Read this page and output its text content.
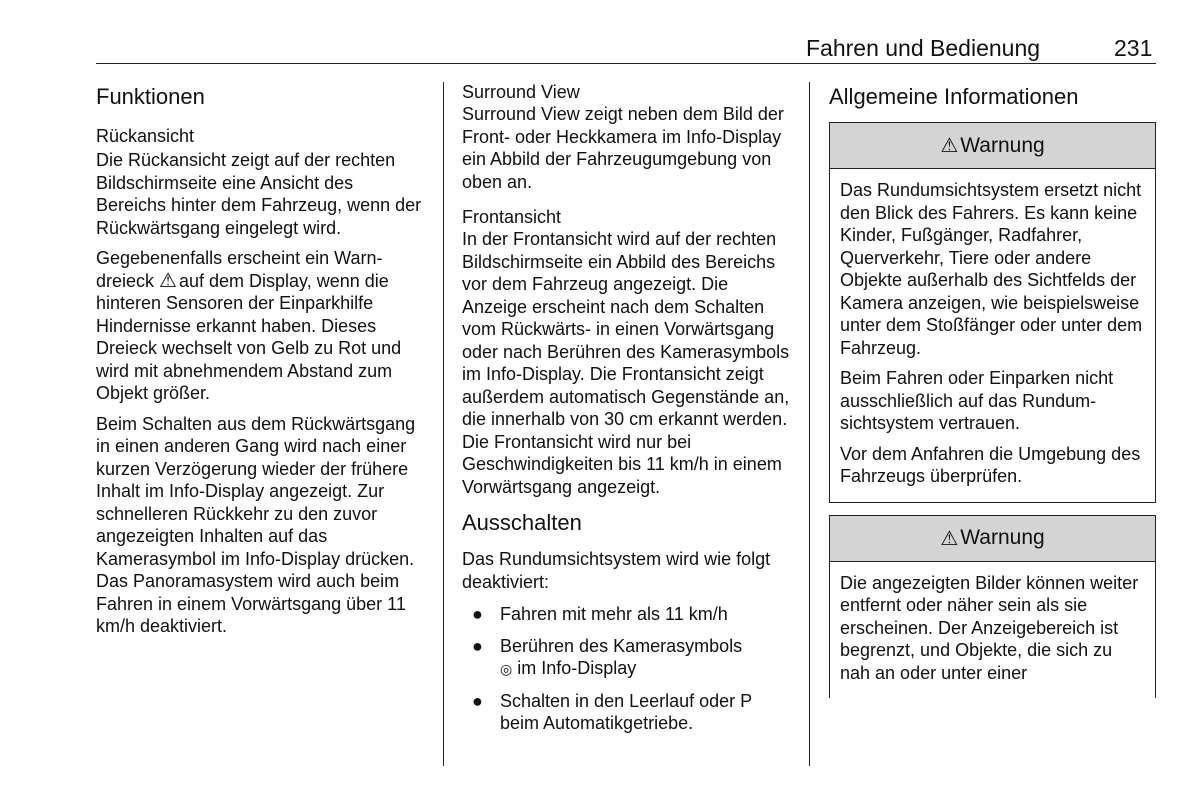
Fahren und Bedienung	231
Funktionen
Rückansicht

Die Rückansicht zeigt auf der rechten Bildschirmseite eine Ansicht des Bereichs hinter dem Fahrzeug, wenn der Rückwärtsgang eingelegt wird.

Gegebenenfalls erscheint ein Warndreieck ⚠ auf dem Display, wenn die hinteren Sensoren der Einparkhilfe Hindernisse erkannt haben. Dieses Dreieck wechselt von Gelb zu Rot und wird mit abnehmendem Abstand zum Objekt größer.

Beim Schalten aus dem Rückwärtsgang in einen anderen Gang wird nach einer kurzen Verzögerung wieder der frühere Inhalt im Info-Display angezeigt. Zur schnelleren Rückkehr zu den zuvor angezeigten Inhalten auf das Kamerasymbol im Info-Display drücken. Das Panoramasystem wird auch beim Fahren in einem Vorwärtsgang über 11 km/h deaktiviert.

Surround View

Surround View zeigt neben dem Bild der Front- oder Heckkamera im Info-Display ein Abbild der Fahrzeugumgebung von oben an.

Frontansicht

In der Frontansicht wird auf der rechten Bildschirmseite ein Abbild des Bereichs vor dem Fahrzeug angezeigt. Die Anzeige erscheint nach dem Schalten vom Rückwärts- in einen Vorwärtsgang oder nach Berühren des Kamerasymbols im Info-Display. Die Frontansicht zeigt außerdem automatisch Gegenstände an, die innerhalb von 30 cm erkannt werden. Die Frontansicht wird nur bei Geschwindigkeiten bis 11 km/h in einem Vorwärtsgang angezeigt.

Ausschalten

Das Rundumsichtsystem wird wie folgt deaktiviert:

● Fahren mit mehr als 11 km/h
● Berühren des Kamerasymbols
◎ im Info-Display
● Schalten in den Leerlauf oder P beim Automatikgetriebe.
Allgemeine Informationen
⚠ Warnung

Das Rundumsichtsystem ersetzt nicht den Blick des Fahrers. Es kann keine Kinder, Fußgänger, Radfahrer, Querverkehr, Tiere oder andere Objekte außerhalb des Sichtfelds der Kamera anzeigen, wie beispielsweise unter dem Stoßfänger oder unter dem Fahrzeug.

Beim Fahren oder Einparken nicht ausschließlich auf das Rundumsichtsystem vertrauen.

Vor dem Anfahren die Umgebung des Fahrzeugs überprüfen.

⚠ Warnung

Die angezeigten Bilder können weiter entfernt oder näher sein als sie erscheinen. Der Anzeigebereich ist begrenzt, und Objekte, die sich zu nah an oder unter einer
